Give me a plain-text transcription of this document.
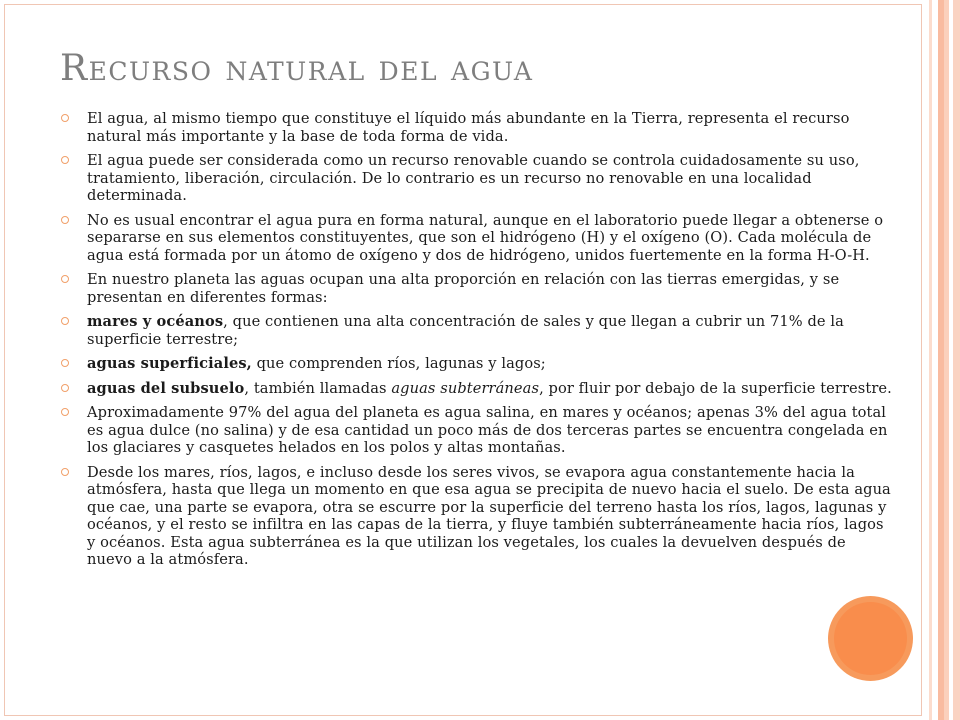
Recurso natural del agua
El agua, al mismo tiempo que constituye el líquido más abundante en la Tierra, representa el recurso natural más importante y la base de toda forma de vida.
El agua puede ser considerada como un recurso renovable cuando se controla cuidadosamente su uso, tratamiento, liberación, circulación. De lo contrario es un recurso no renovable en una localidad determinada.
No es usual encontrar el agua pura en forma natural, aunque en el laboratorio puede llegar a obtenerse o separarse en sus elementos constituyentes, que son el hidrógeno (H) y el oxígeno (O). Cada molécula de agua está formada por un átomo de oxígeno y dos de hidrógeno, unidos fuertemente en la forma H-O-H.
En nuestro planeta las aguas ocupan una alta proporción en relación con las tierras emergidas, y se presentan en diferentes formas:
mares y océanos, que contienen una alta concentración de sales y que llegan a cubrir un 71% de la superficie terrestre;
aguas superficiales, que comprenden ríos, lagunas y lagos;
aguas del subsuelo, también llamadas aguas subterráneas, por fluir por debajo de la superficie terrestre.
Aproximadamente 97% del agua del planeta es agua salina, en mares y océanos; apenas 3% del agua total es agua dulce (no salina) y de esa cantidad un poco más de dos terceras partes se encuentra congelada en los glaciares y casquetes helados en los polos y altas montañas.
Desde los mares, ríos, lagos, e incluso desde los seres vivos, se evapora agua constantemente hacia la atmósfera, hasta que llega un momento en que esa agua se precipita de nuevo hacia el suelo. De esta agua que cae, una parte se evapora, otra se escurre por la superficie del terreno hasta los ríos, lagos, lagunas y océanos, y el resto se infiltra en las capas de la tierra, y fluye también subterráneamente hacia ríos, lagos y océanos. Esta agua subterránea es la que utilizan los vegetales, los cuales la devuelven después de nuevo a la atmósfera.
